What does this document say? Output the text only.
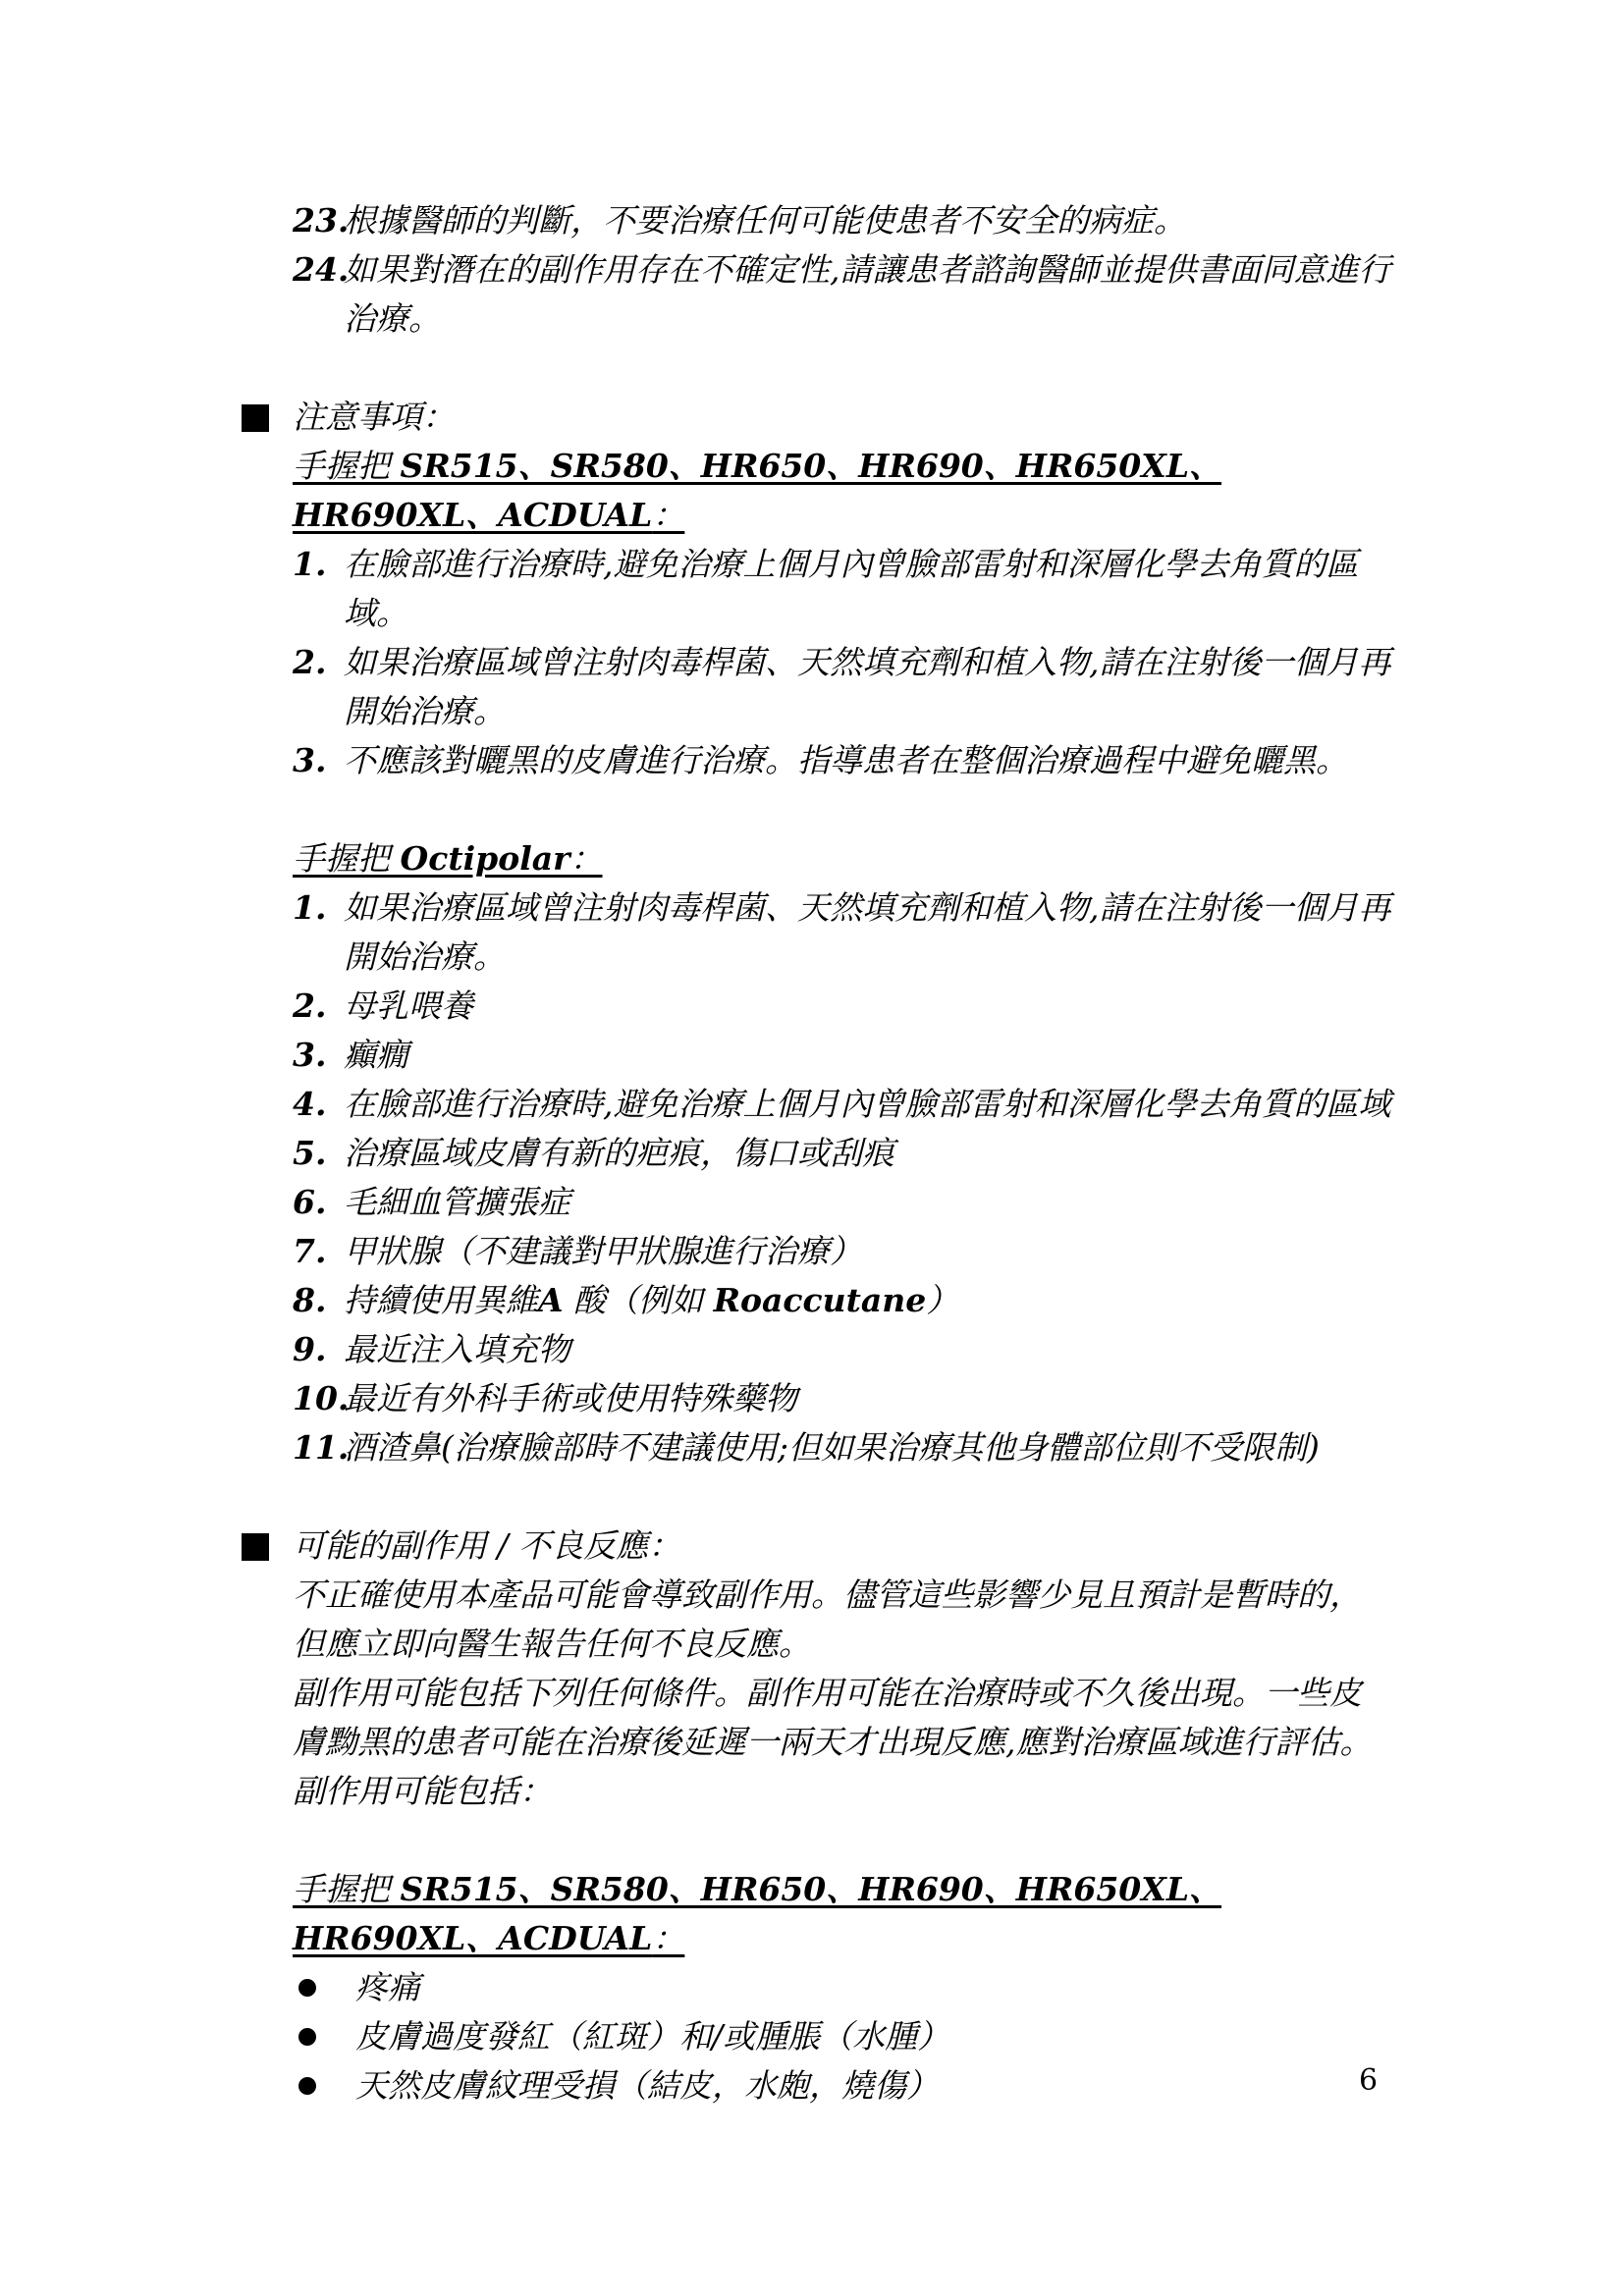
23.
根據醫師的判斷，不要治療任何可能使患者不安全的病症。
24.
如果對潛在的副作用存在不確定性,請讓患者諮詢醫師並提供書面同意進行治療。
注意事項：
手握把 SR515、SR580、HR650、HR690、HR650XL、HR690XL、ACDUAL：
1. 在臉部進行治療時,避免治療上個月內曾臉部雷射和深層化學去角質的區域。
2. 如果治療區域曾注射肉毒桿菌、天然填充劑和植入物,請在注射後一個月再開始治療。
3. 不應該對曬黑的皮膚進行治療。指導患者在整個治療過程中避免曬黑。
手握把 Octipolar：
1. 如果治療區域曾注射肉毒桿菌、天然填充劑和植入物,請在注射後一個月再開始治療。
2. 母乳喂養
3. 癲癇
4. 在臉部進行治療時,避免治療上個月內曾臉部雷射和深層化學去角質的區域
5. 治療區域皮膚有新的疤痕，傷口或刮痕
6. 毛細血管擴張症
7. 甲狀腺（不建議對甲狀腺進行治療）
8. 持續使用異維A 酸（例如 Roaccutane）
9. 最近注入填充物
10.
最近有外科手術或使用特殊藥物
11.
酒渣鼻(治療臉部時不建議使用;但如果治療其他身體部位則不受限制)
可能的副作用 / 不良反應：
不正確使用本產品可能會導致副作用。儘管這些影響少見且預計是暫時的，但應立即向醫生報告任何不良反應。
副作用可能包括下列任何條件。副作用可能在治療時或不久後出現。一些皮膚黝黑的患者可能在治療後延遲一兩天才出現反應,應對治療區域進行評估。
副作用可能包括：
手握把 SR515、SR580、HR650、HR690、HR650XL、HR690XL、ACDUAL：
疼痛
皮膚過度發紅（紅斑）和/或腫脹（水腫）
天然皮膚紋理受損（結皮，水皰，燒傷）	6
